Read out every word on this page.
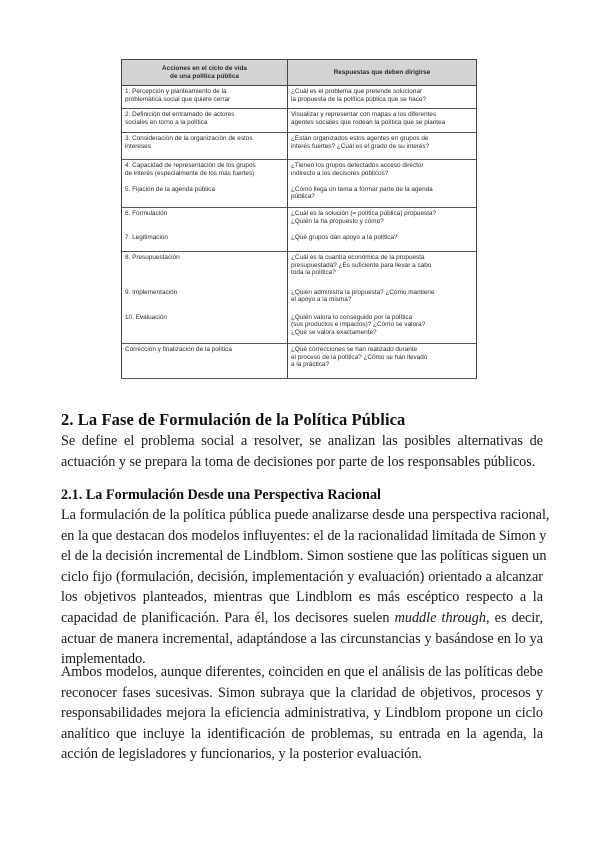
Acciones en el ciclo de vida
de una política pública	Respuestas que deben dirigirse

1. Percepción y planteamiento de la
problemática social que quiere cerrar	¿Cuál es el problema que pretende solucionar
la propuesta de la política pública que se hace?

2. Definición del entramado de actores
sociales en torno a la política	Visualizar y representar con mapas a los diferentes
agentes sociales que rodean la política que se plantea

3. Consideración de la organización de estos
intereses	¿Están organizados estos agentes en grupos de
interés fuertes? ¿Cuál es el grado de su interés?

4. Capacidad de representación de los grupos
de interés (especialmente de los más fuertes)	¿Tienen los grupos detectados acceso directo/
indirecto a los decisores públicos?

5. Fijación de la agenda pública	¿Cómo llega un tema a formar parte de la agenda
pública?

6. Formulación	¿Cuál es la solución (= política pública) propuesta?
¿Quién la ha propuesto y cómo?

7. Legitimación	¿Qué grupos dan apoyo a la política?

8. Presupuestación	¿Cuál es la cuantía económica de la propuesta
presupuestada? ¿Es suficiente para llevar a cabo
toda la política?

9. Implementación	¿Quién administra la propuesta? ¿Cómo mantiene
el apoyo a la misma?

10. Evaluación	¿Quién valora lo conseguido por la política
(sus productos e impactos)? ¿Cómo se valora?
¿Qué se valora exactamente?

Corrección y finalización de la política	¿Qué correcciones se han realizado durante
el proceso de la política? ¿Cómo se han llevado
a la práctica?
2. La Fase de Formulación de la Política Pública

Se define el problema social a resolver, se analizan las posibles alternativas de
actuación y se prepara la toma de decisiones por parte de los responsables públicos.

2.1. La Formulación Desde una Perspectiva Racional

La formulación de la política pública puede analizarse desde una perspectiva racional,
en la que destacan dos modelos influyentes: el de la racionalidad limitada de Simon y
el de la decisión incremental de Lindblom. Simon sostiene que las políticas siguen un
ciclo fijo (formulación, decisión, implementación y evaluación) orientado a alcanzar
los objetivos planteados, mientras que Lindblom es más escéptico respecto a la
capacidad de planificación. Para él, los decisores suelen muddle through, es decir,
actuar de manera incremental, adaptándose a las circunstancias y basándose en lo ya
implementado.

Ambos modelos, aunque diferentes, coinciden en que el análisis de las políticas debe
reconocer fases sucesivas. Simon subraya que la claridad de objetivos, procesos y
responsabilidades mejora la eficiencia administrativa, y Lindblom propone un ciclo
analítico que incluye la identificación de problemas, su entrada en la agenda, la
acción de legisladores y funcionarios, y la posterior evaluación.
